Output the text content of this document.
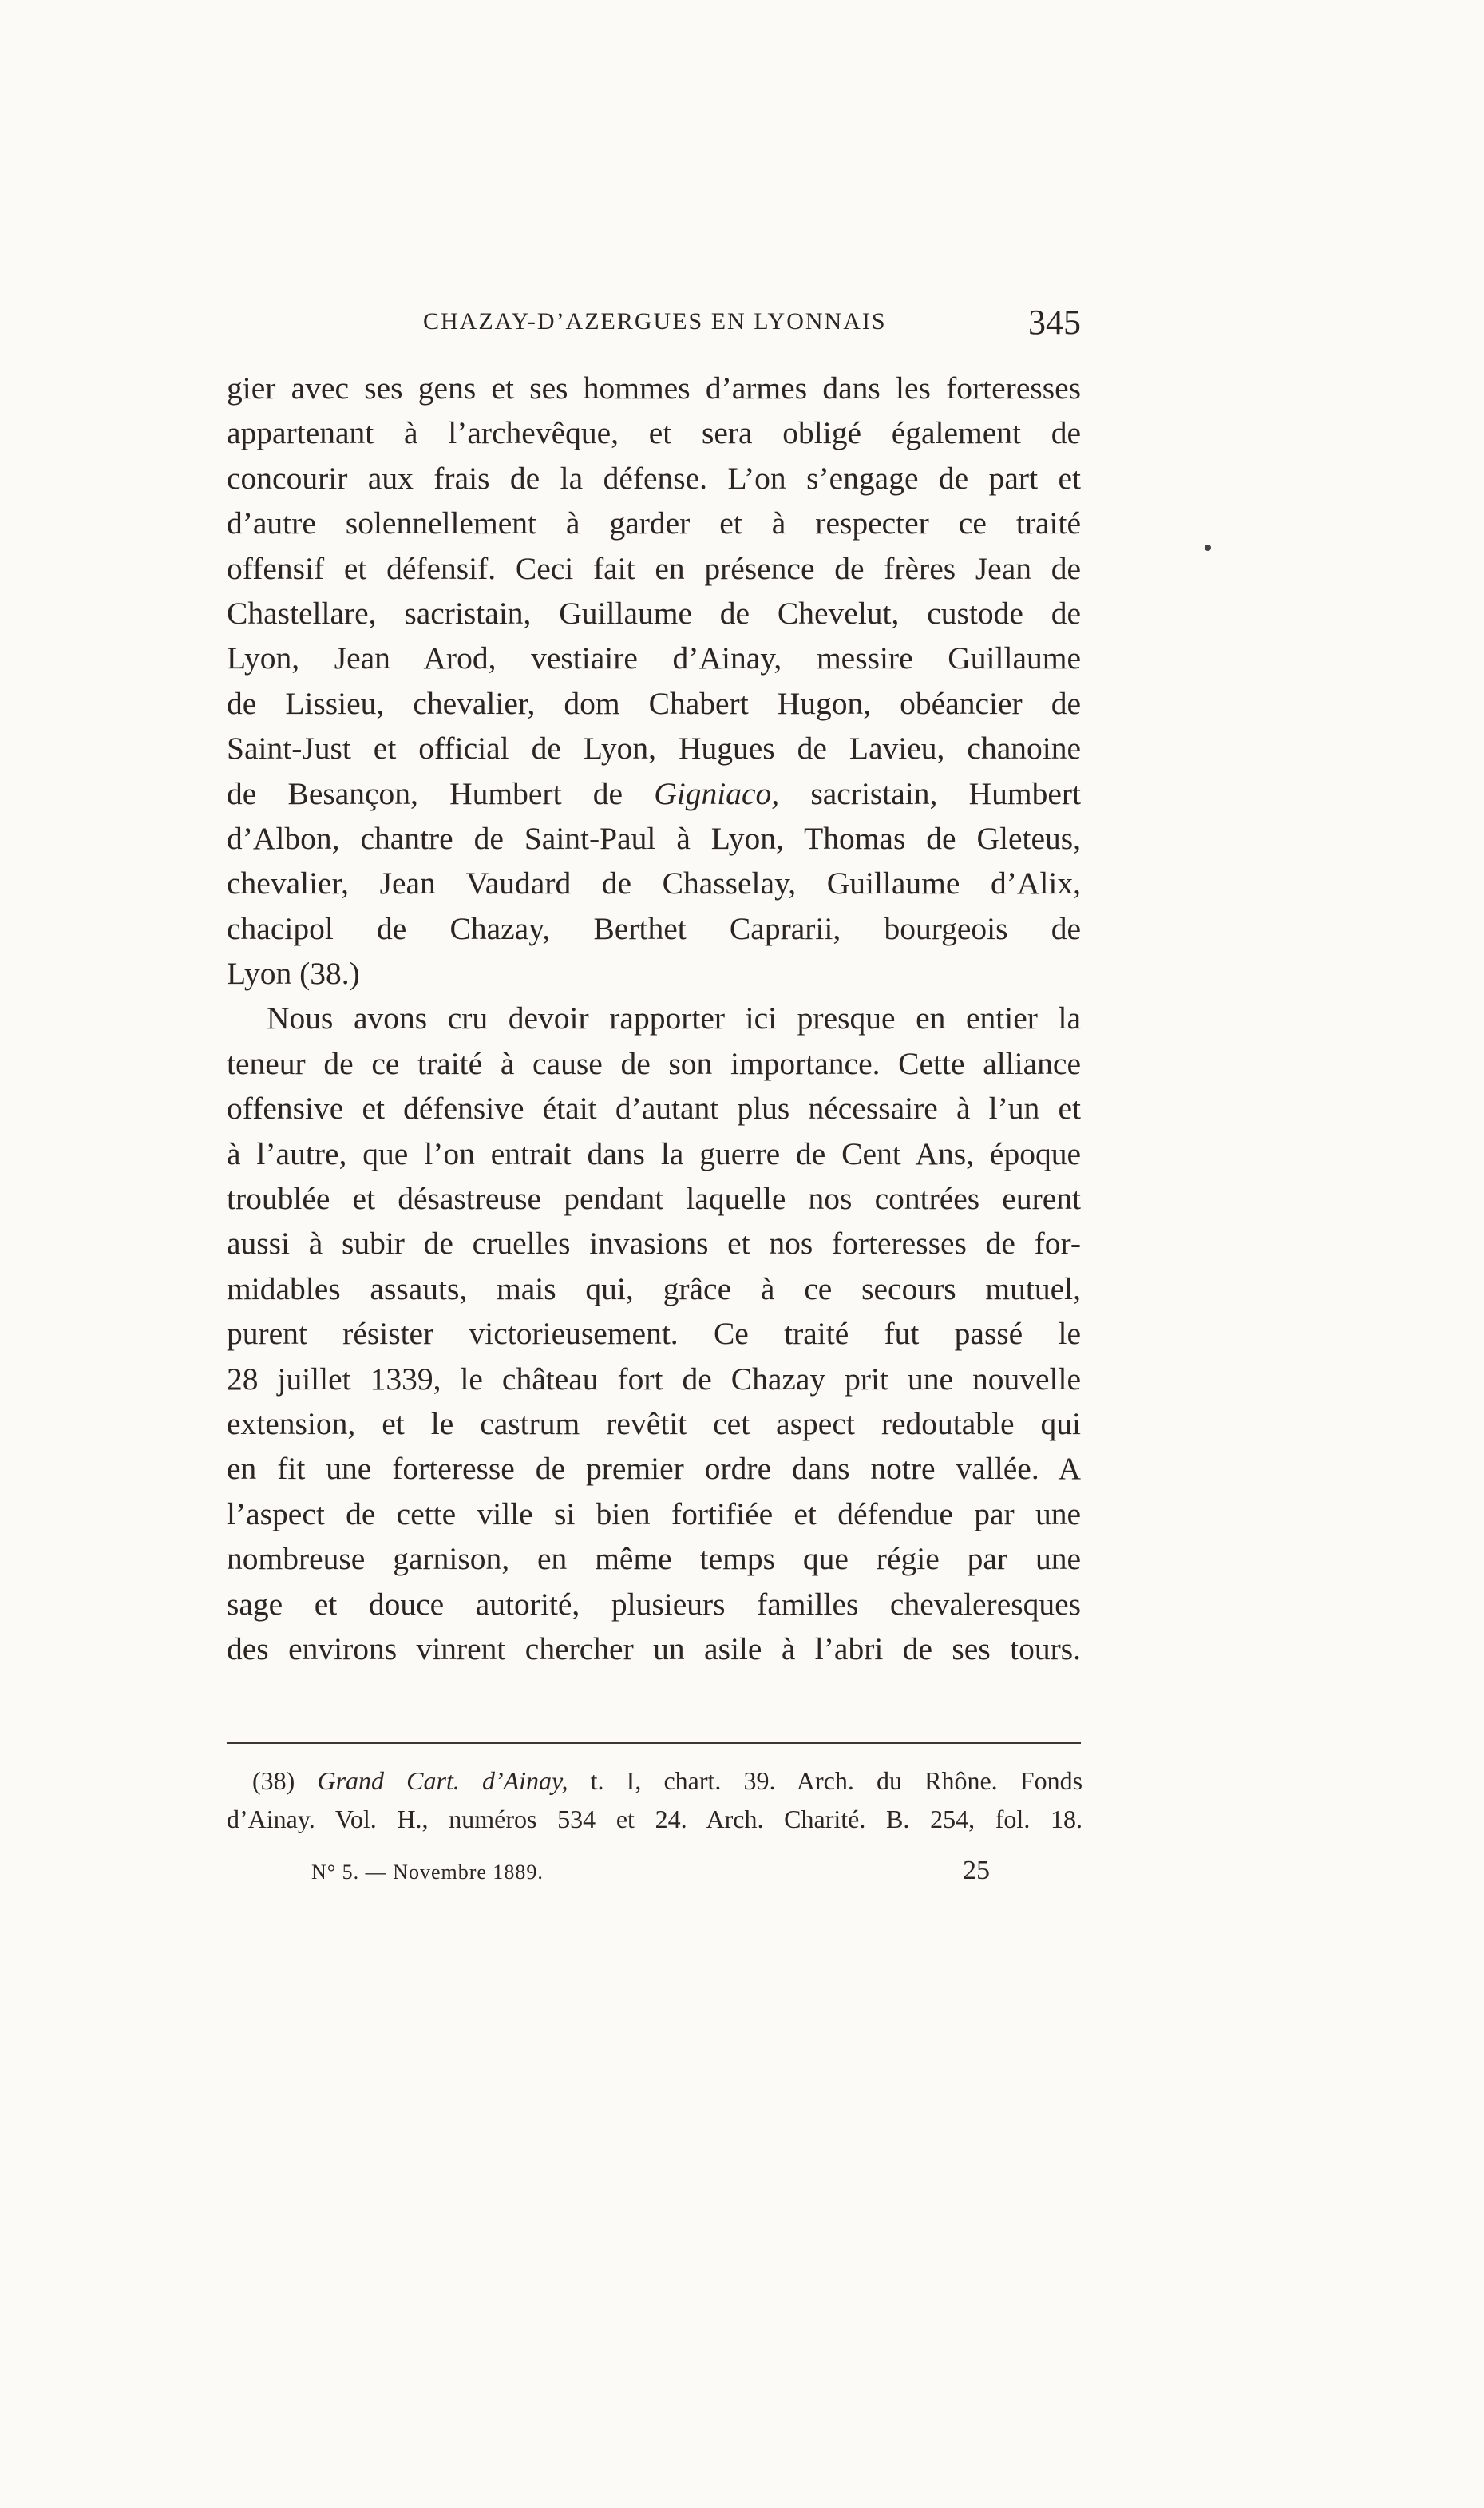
CHAZAY-D’AZERGUES EN LYONNAIS	345
gier avec ses gens et ses hommes d’armes dans les forteresses
appartenant à l’archevêque, et sera obligé également de
concourir aux frais de la défense. L’on s’engage de part et
d’autre solennellement à garder et à respecter ce traité
offensif et défensif. Ceci fait en présence de frères Jean de
Chastellare, sacristain, Guillaume de Chevelut, custode de
Lyon, Jean Arod, vestiaire d’Ainay, messire Guillaume
de Lissieu, chevalier, dom Chabert Hugon, obéancier de
Saint-Just et official de Lyon, Hugues de Lavieu, chanoine
de Besançon, Humbert de Gigniaco, sacristain, Humbert
d’Albon, chantre de Saint-Paul à Lyon, Thomas de Gleteus,
chevalier, Jean Vaudard de Chasselay, Guillaume d’Alix,
chacipol de Chazay, Berthet Caprarii, bourgeois de
Lyon (38.)
Nous avons cru devoir rapporter ici presque en entier la
teneur de ce traité à cause de son importance. Cette alliance
offensive et défensive était d’autant plus nécessaire à l’un et
à l’autre, que l’on entrait dans la guerre de Cent Ans, époque
troublée et désastreuse pendant laquelle nos contrées eurent
aussi à subir de cruelles invasions et nos forteresses de for-
midables assauts, mais qui, grâce à ce secours mutuel,
purent résister victorieusement. Ce traité fut passé le
28 juillet 1339, le château fort de Chazay prit une nouvelle
extension, et le castrum revêtit cet aspect redoutable qui
en fit une forteresse de premier ordre dans notre vallée. A
l’aspect de cette ville si bien fortifiée et défendue par une
nombreuse garnison, en même temps que régie par une
sage et douce autorité, plusieurs familles chevaleresques
des environs vinrent chercher un asile à l’abri de ses tours.
(38) Grand Cart. d’Ainay, t. I, chart. 39. Arch. du Rhône. Fonds
d’Ainay. Vol. H., numéros 534 et 24. Arch. Charité. B. 254, fol. 18.
N° 5. — Novembre 1889.	25
